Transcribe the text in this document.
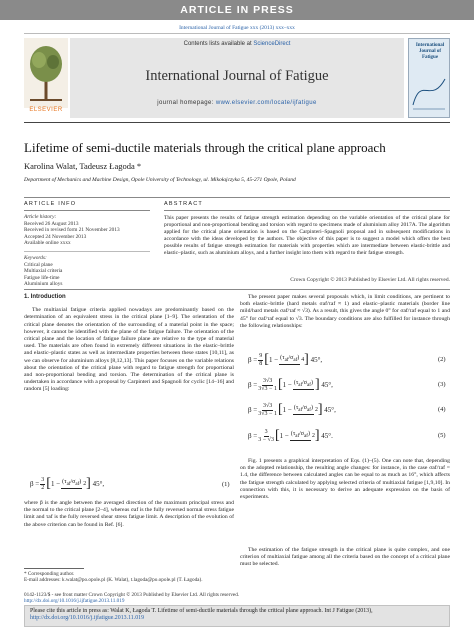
ARTICLE IN PRESS
International Journal of Fatigue xxx (2013) xxx–xxx
ELSEVIER
Contents lists available at ScienceDirect
International Journal of Fatigue
journal homepage: www.elsevier.com/locate/ijfatigue
International Journal of Fatigue
Lifetime of semi-ductile materials through the critical plane approach
Karolina Walat, Tadeusz Łagoda *
Department of Mechanics and Machine Design, Opole University of Technology, ul. Mikołajczyka 5, 45-271 Opole, Poland
ARTICLE INFO	ABSTRACT
Article history:
Received 26 August 2013
Received in revised form 21 November 2013
Accepted 24 November 2013
Available online xxxx
Keywords:
Critical plane
Multiaxial criteria
Fatigue life-time
Aluminium alloys
This paper presents the results of fatigue strength estimation depending on the variable orientation of the critical plane for proportional and non-proportional bending and torsion with regard to specimens made of aluminium alloy 2017A. The algorithm applied for the critical plane orientation is based on the Carpinteri–Spagnoli proposal and in subsequent modifications in accordance with the ideas developed by the authors. The objective of this paper is to suggest a model which offers the best possible results of fatigue strength estimation for materials with properties which are intermediate between elastic-brittle and elastic–plastic, such as aluminium alloys, and a further insight into them with regard to their fatigue strength.
Crown Copyright © 2013 Published by Elsevier Ltd. All rights reserved.
1. Introduction
The multiaxial fatigue criteria applied nowadays are predominantly based on the determination of an equivalent stress in the critical plane [1–9]. The orientation of the critical plane denotes the orientation of the surrounding of a material point in the space; however, it cannot be identified with the plane of the fatigue failure. The orientation of the critical plane and the location of fatigue failure plane are relative to the type of material used. The materials are often found in extremely different situations in the elastic–brittle and elastic–plastic states as well as intermediate properties between these states [10,11], as we can observe for aluminium alloys [8,12,13]. This paper focuses on the variable relations about the orientation of the critical plane with regard to fatigue strength for proportional and non-proportional bending and torsion. The determination of the critical plane is undertaken in accordance with a proposal by Carpinteri and Spagnoli for cyclic [14–16] and random [5] loading:
$\beta = \frac{3}{2}$ [ $1 - (\tau_{af}/\sigma_{af})$ 2 ] 45°,	(1)
where β is the angle between the averaged direction of the maximum principal stress and the normal to the critical plane [2–4], whereas σaf is the fully reversed normal stress fatigue limit and τaf is the fully reversed shear stress fatigue limit. A description of the evolution of the above criterion can be found in Ref. [6].
The present paper makes several proposals which, in limit conditions, are pertinent to both elastic–brittle (hard metals σaf/τaf ≈ 1) and elastic–plastic materials (border line mild/hard metals σaf/τaf ≈ √3). As a result, this gives the angle 0° for σaf/τaf equal to 1 and 45° for σaf/τaf equal to √3. The boundary conditions are also fulfilled for instance through the following relationships:
$\beta = \frac{9}{8}$ [ $1 - (\tau_{af}/\sigma_{af})$ 4 ] 45°,	(2)
$\beta = \frac{3√3}{3√3 - 1}$ [ $1 - (\tau_{af}/\sigma_{af})$ ] 45°,	(3)
$\beta = \frac{3√3}{3√3 - 1}$ [ $1 - (\tau_{af}/\sigma_{af})$ 2 ] 45°,	(4)
$\beta = \frac{3}{3 - √3}$ [ $1 - (\tau_{af}/\sigma_{af})$ 2 ] 45°.	(5)
Fig. 1 presents a graphical interpretation of Eqs. (1)–(5). One can note that, depending on the adopted relationship, the resulting angle changes: for instance, in the case σaf/τaf = 1.4, the difference between calculated angles can be equal to as much as 16°, which affects the fatigue strength calculated by applying selected criteria of multiaxial fatigue [1,9,10]. In connection with this, it is necessary to derive an adequate expression on the basis of experiments.
The estimation of the fatigue strength in the critical plane is quite complex, and one criterion of multiaxial fatigue among all the criteria based on the concept of a critical plane must be selected.
* Corresponding author.
E-mail addresses: k.walat@po.opole.pl (K. Walat), t.lagoda@po.opole.pl (T. Łagoda).
0142-1123/$ - see front matter Crown Copyright © 2013 Published by Elsevier Ltd. All rights reserved.
http://dx.doi.org/10.1016/j.ijfatigue.2013.11.019
Please cite this article in press as: Walat K, Łagoda T. Lifetime of semi-ductile materials through the critical plane approach. Int J Fatigue (2013), http://dx.doi.org/10.1016/j.ijfatigue.2013.11.019
